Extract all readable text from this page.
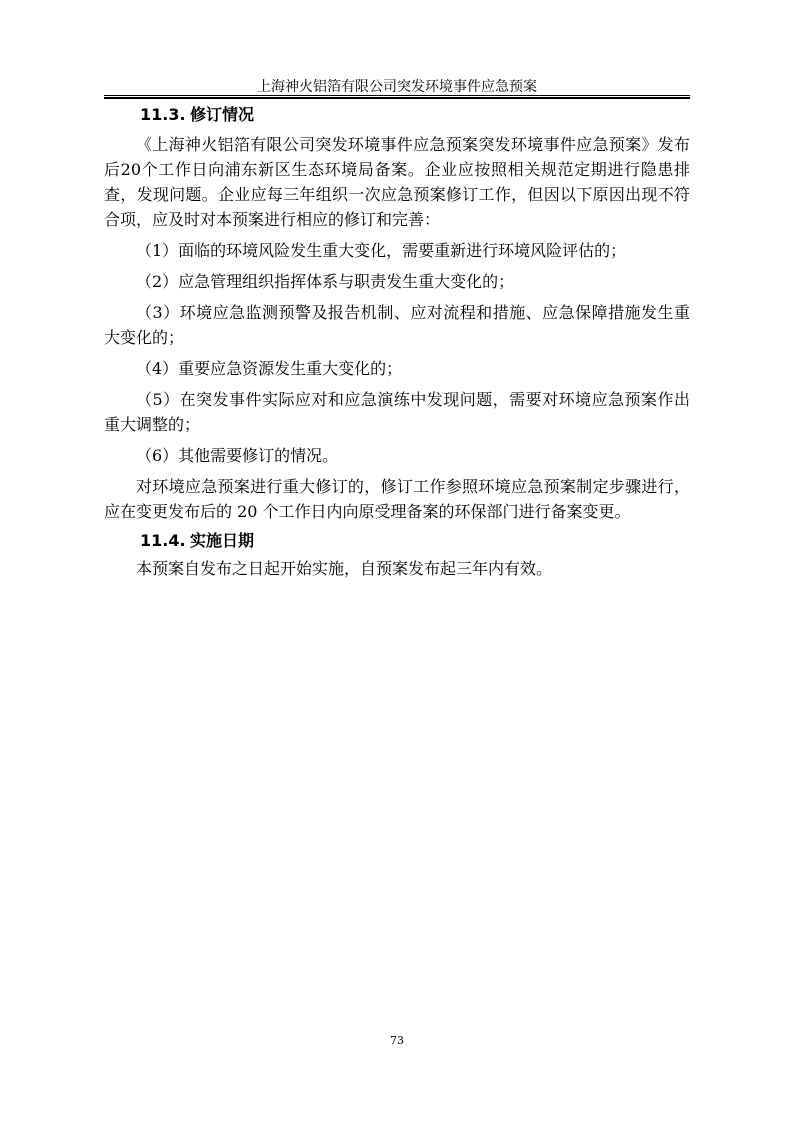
上海神火铝箔有限公司突发环境事件应急预案
11.3. 修订情况

《上海神火铝箔有限公司突发环境事件应急预案突发环境事件应急预案》发布后20个工作日向浦东新区生态环境局备案。企业应按照相关规范定期进行隐患排查，发现问题。企业应每三年组织一次应急预案修订工作，但因以下原因出现不符合项，应及时对本预案进行相应的修订和完善：

（1）面临的环境风险发生重大变化，需要重新进行环境风险评估的；

（2）应急管理组织指挥体系与职责发生重大变化的；

（3）环境应急监测预警及报告机制、应对流程和措施、应急保障措施发生重大变化的；

（4）重要应急资源发生重大变化的；

（5）在突发事件实际应对和应急演练中发现问题，需要对环境应急预案作出重大调整的；

（6）其他需要修订的情况。

对环境应急预案进行重大修订的，修订工作参照环境应急预案制定步骤进行，应在变更发布后的 20 个工作日内向原受理备案的环保部门进行备案变更。

11.4. 实施日期

本预案自发布之日起开始实施，自预案发布起三年内有效。

73
